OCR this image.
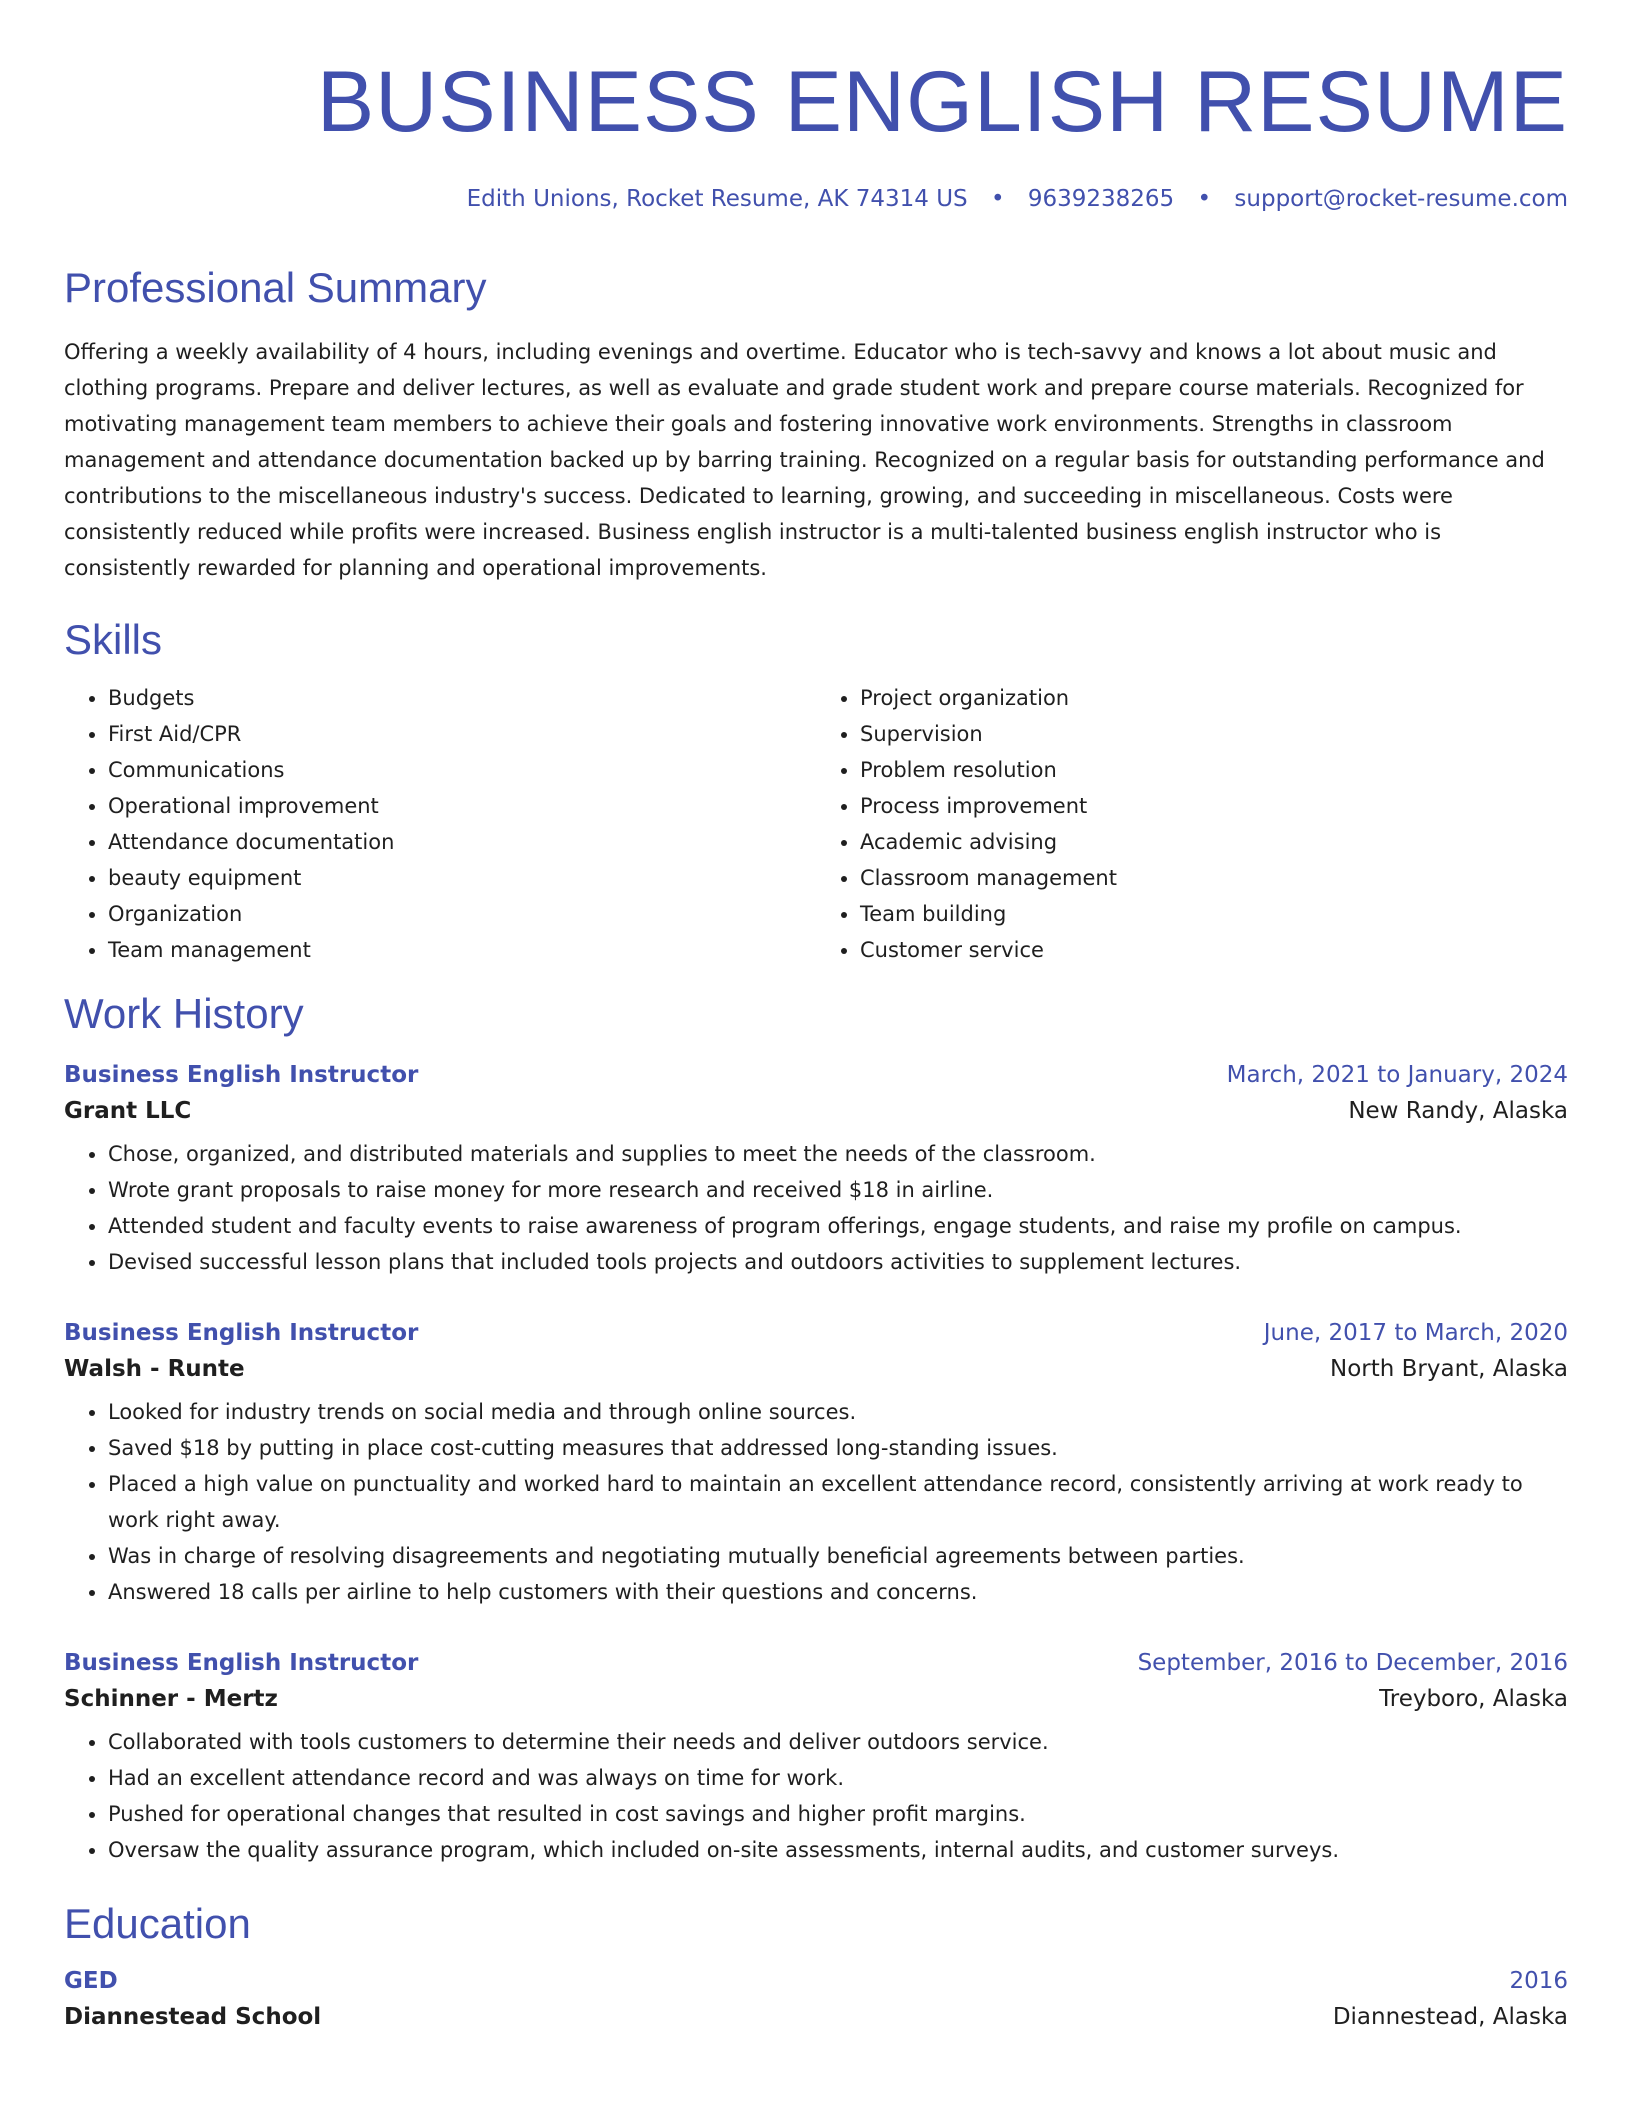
BUSINESS ENGLISH RESUME
Edith Unions, Rocket Resume, AK 74314 US • 9639238265 • support@rocket-resume.com
Professional Summary

Offering a weekly availability of 4 hours, including evenings and overtime. Educator who is tech-savvy and knows a lot about music and clothing programs. Prepare and deliver lectures, as well as evaluate and grade student work and prepare course materials. Recognized for motivating management team members to achieve their goals and fostering innovative work environments. Strengths in classroom management and attendance documentation backed up by barring training. Recognized on a regular basis for outstanding performance and contributions to the miscellaneous industry's success. Dedicated to learning, growing, and succeeding in miscellaneous. Costs were consistently reduced while profits were increased. Business english instructor is a multi-talented business english instructor who is consistently rewarded for planning and operational improvements.

Skills
• Budgets
• First Aid/CPR
• Communications
• Operational improvement
• Attendance documentation
• beauty equipment
• Organization
• Team management
• Project organization
• Supervision
• Problem resolution
• Process improvement
• Academic advising
• Classroom management
• Team building
• Customer service
Work History
Business English Instructor	March, 2021 to January, 2024
Grant LLC	New Randy, Alaska
• Chose, organized, and distributed materials and supplies to meet the needs of the classroom.
• Wrote grant proposals to raise money for more research and received $18 in airline.
• Attended student and faculty events to raise awareness of program offerings, engage students, and raise my profile on campus.
• Devised successful lesson plans that included tools projects and outdoors activities to supplement lectures.
Business English Instructor	June, 2017 to March, 2020
Walsh - Runte	North Bryant, Alaska
• Looked for industry trends on social media and through online sources.
• Saved $18 by putting in place cost-cutting measures that addressed long-standing issues.
• Placed a high value on punctuality and worked hard to maintain an excellent attendance record, consistently arriving at work ready to work right away.
• Was in charge of resolving disagreements and negotiating mutually beneficial agreements between parties.
• Answered 18 calls per airline to help customers with their questions and concerns.
Business English Instructor	September, 2016 to December, 2016
Schinner - Mertz	Treyboro, Alaska
• Collaborated with tools customers to determine their needs and deliver outdoors service.
• Had an excellent attendance record and was always on time for work.
• Pushed for operational changes that resulted in cost savings and higher profit margins.
• Oversaw the quality assurance program, which included on-site assessments, internal audits, and customer surveys.
Education
GED	2016
Diannestead School	Diannestead, Alaska
